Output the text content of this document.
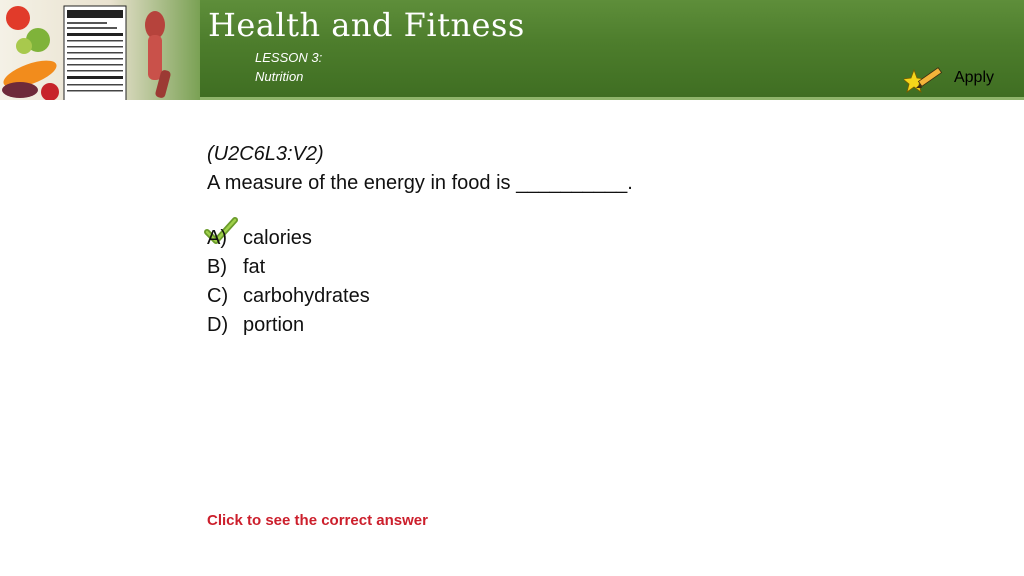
Health and Fitness
LESSON 3:
Nutrition	Apply
(U2C6L3:V2)
A measure of the energy in food is __________.
A) calories
B) fat
C) carbohydrates
D) portion
Click to see the correct answer
